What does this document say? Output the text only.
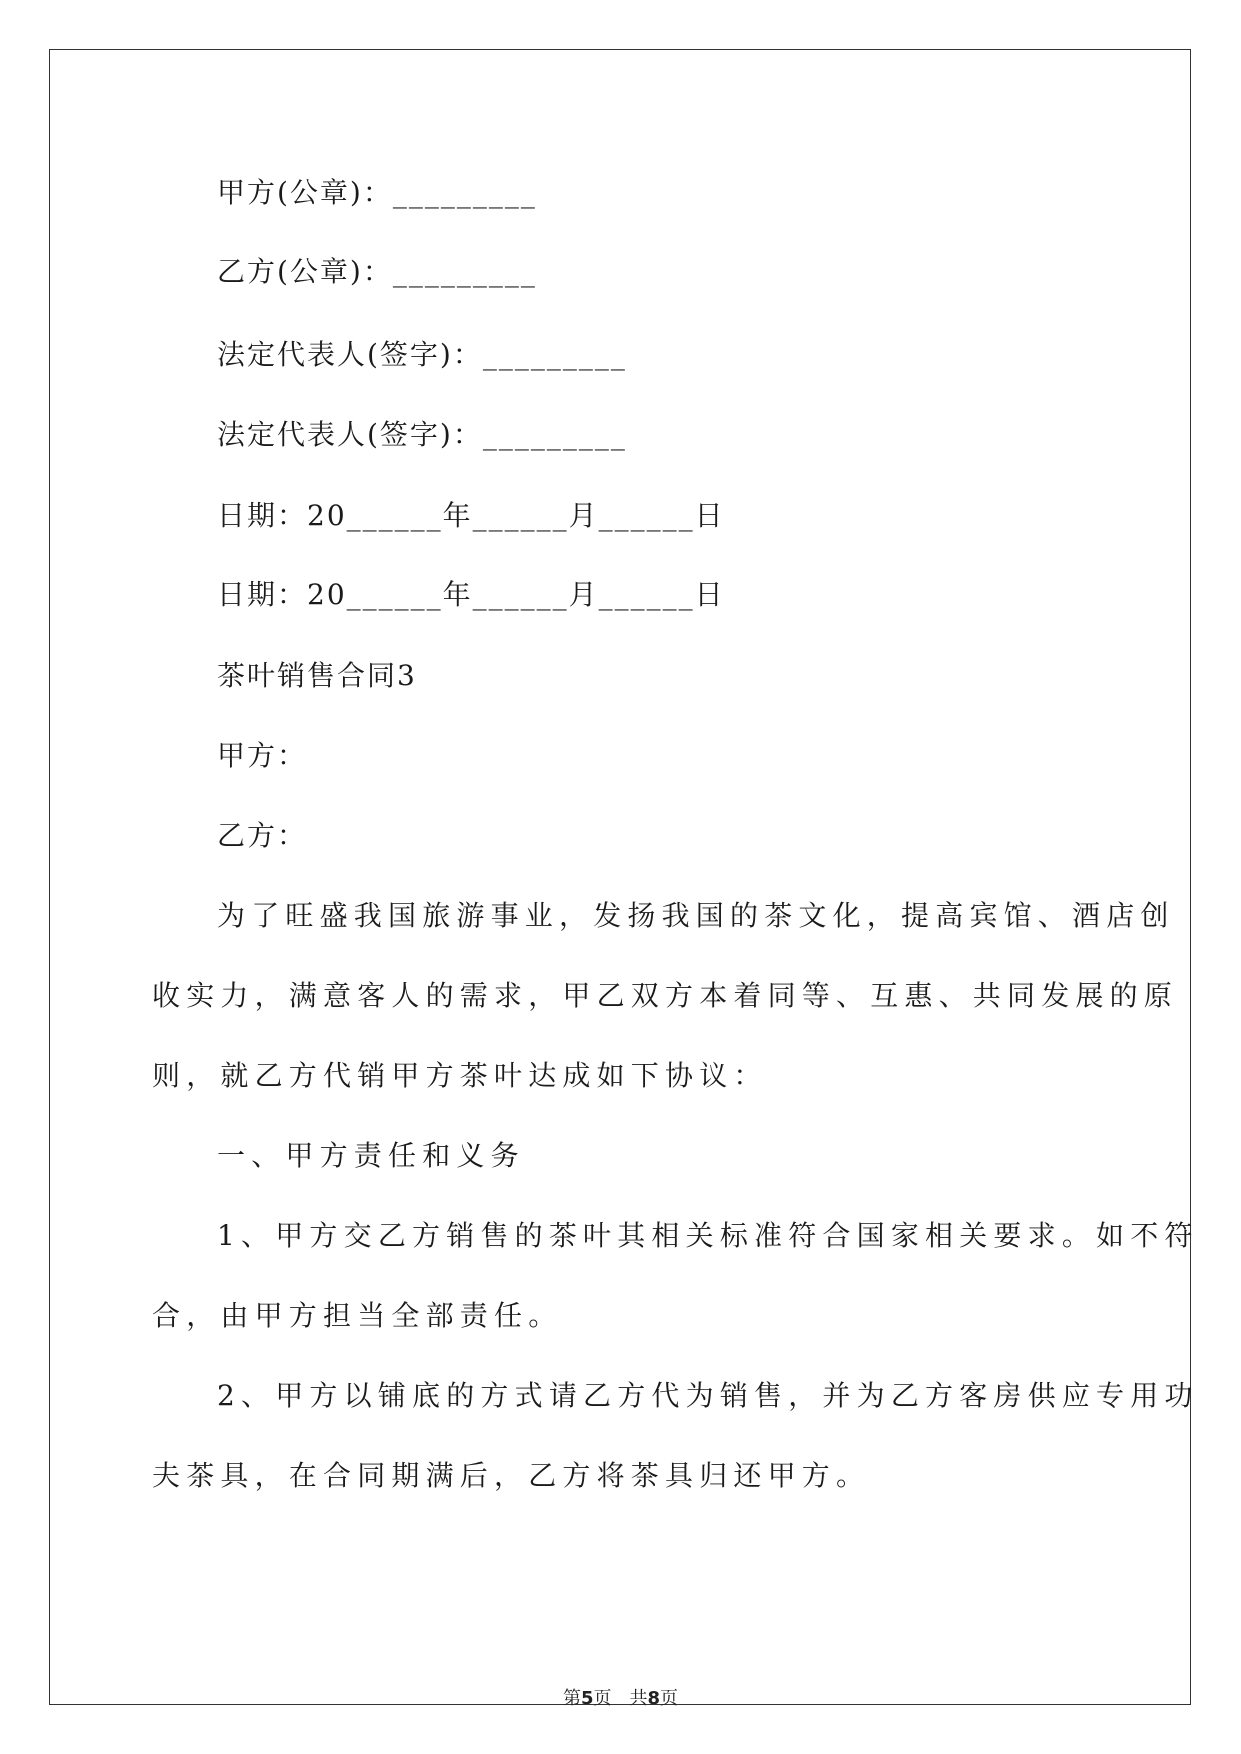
甲方(公章)：_________
乙方(公章)：_________
法定代表人(签字)：_________
法定代表人(签字)：_________
日期：20______年______月______日
日期：20______年______月______日
茶叶销售合同3
甲方：
乙方：
为了旺盛我国旅游事业，发扬我国的茶文化，提高宾馆、酒店创
收实力，满意客人的需求，甲乙双方本着同等、互惠、共同发展的原
则，就乙方代销甲方茶叶达成如下协议：
一、甲方责任和义务
1、甲方交乙方销售的茶叶其相关标准符合国家相关要求。如不符
合，由甲方担当全部责任。
2、甲方以铺底的方式请乙方代为销售，并为乙方客房供应专用功
夫茶具，在合同期满后，乙方将茶具归还甲方。
第5页　共8页
